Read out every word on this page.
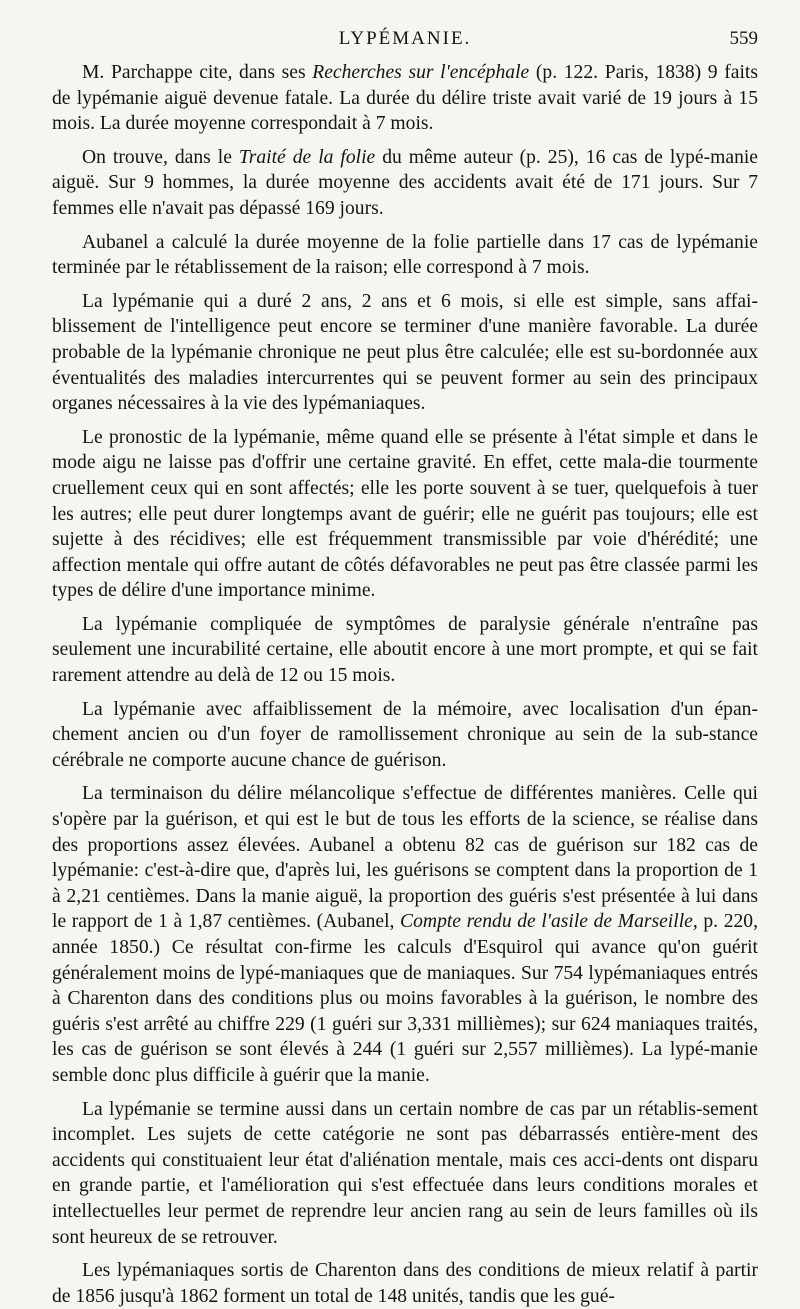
LYPÉMANIE.	559

M. Parchappe cite, dans ses Recherches sur l'encéphale (p. 122. Paris, 1838) 9 faits de lypémanie aiguë devenue fatale. La durée du délire triste avait varié de 19 jours à 15 mois. La durée moyenne correspondait à 7 mois.

On trouve, dans le Traité de la folie du même auteur (p. 25), 16 cas de lypé-manie aiguë. Sur 9 hommes, la durée moyenne des accidents avait été de 171 jours. Sur 7 femmes elle n'avait pas dépassé 169 jours.

Aubanel a calculé la durée moyenne de la folie partielle dans 17 cas de lypémanie terminée par le rétablissement de la raison; elle correspond à 7 mois.

La lypémanie qui a duré 2 ans, 2 ans et 6 mois, si elle est simple, sans affai-blissement de l'intelligence peut encore se terminer d'une manière favorable. La durée probable de la lypémanie chronique ne peut plus être calculée; elle est su-bordonnée aux éventualités des maladies intercurrentes qui se peuvent former au sein des principaux organes nécessaires à la vie des lypémaniaques.

Le pronostic de la lypémanie, même quand elle se présente à l'état simple et dans le mode aigu ne laisse pas d'offrir une certaine gravité. En effet, cette mala-die tourmente cruellement ceux qui en sont affectés; elle les porte souvent à se tuer, quelquefois à tuer les autres; elle peut durer longtemps avant de guérir; elle ne guérit pas toujours; elle est sujette à des récidives; elle est fréquemment transmissible par voie d'hérédité; une affection mentale qui offre autant de côtés défavorables ne peut pas être classée parmi les types de délire d'une importance minime.

La lypémanie compliquée de symptômes de paralysie générale n'entraîne pas seulement une incurabilité certaine, elle aboutit encore à une mort prompte, et qui se fait rarement attendre au delà de 12 ou 15 mois.

La lypémanie avec affaiblissement de la mémoire, avec localisation d'un épan-chement ancien ou d'un foyer de ramollissement chronique au sein de la sub-stance cérébrale ne comporte aucune chance de guérison.

La terminaison du délire mélancolique s'effectue de différentes manières. Celle qui s'opère par la guérison, et qui est le but de tous les efforts de la science, se réalise dans des proportions assez élevées. Aubanel a obtenu 82 cas de guérison sur 182 cas de lypémanie: c'est-à-dire que, d'après lui, les guérisons se comptent dans la proportion de 1 à 2,21 centièmes. Dans la manie aiguë, la proportion des guéris s'est présentée à lui dans le rapport de 1 à 1,87 centièmes. (Aubanel, Compte rendu de l'asile de Marseille, p. 220, année 1850.) Ce résultat con-firme les calculs d'Esquirol qui avance qu'on guérit généralement moins de lypé-maniaques que de maniaques. Sur 754 lypémaniaques entrés à Charenton dans des conditions plus ou moins favorables à la guérison, le nombre des guéris s'est arrêté au chiffre 229 (1 guéri sur 3,331 millièmes); sur 624 maniaques traités, les cas de guérison se sont élevés à 244 (1 guéri sur 2,557 millièmes). La lypé-manie semble donc plus difficile à guérir que la manie.

La lypémanie se termine aussi dans un certain nombre de cas par un rétablis-sement incomplet. Les sujets de cette catégorie ne sont pas débarrassés entière-ment des accidents qui constituaient leur état d'aliénation mentale, mais ces acci-dents ont disparu en grande partie, et l'amélioration qui s'est effectuée dans leurs conditions morales et intellectuelles leur permet de reprendre leur ancien rang au sein de leurs familles où ils sont heureux de se retrouver.

Les lypémaniaques sortis de Charenton dans des conditions de mieux relatif à partir de 1856 jusqu'à 1862 forment un total de 148 unités, tandis que les gué-
